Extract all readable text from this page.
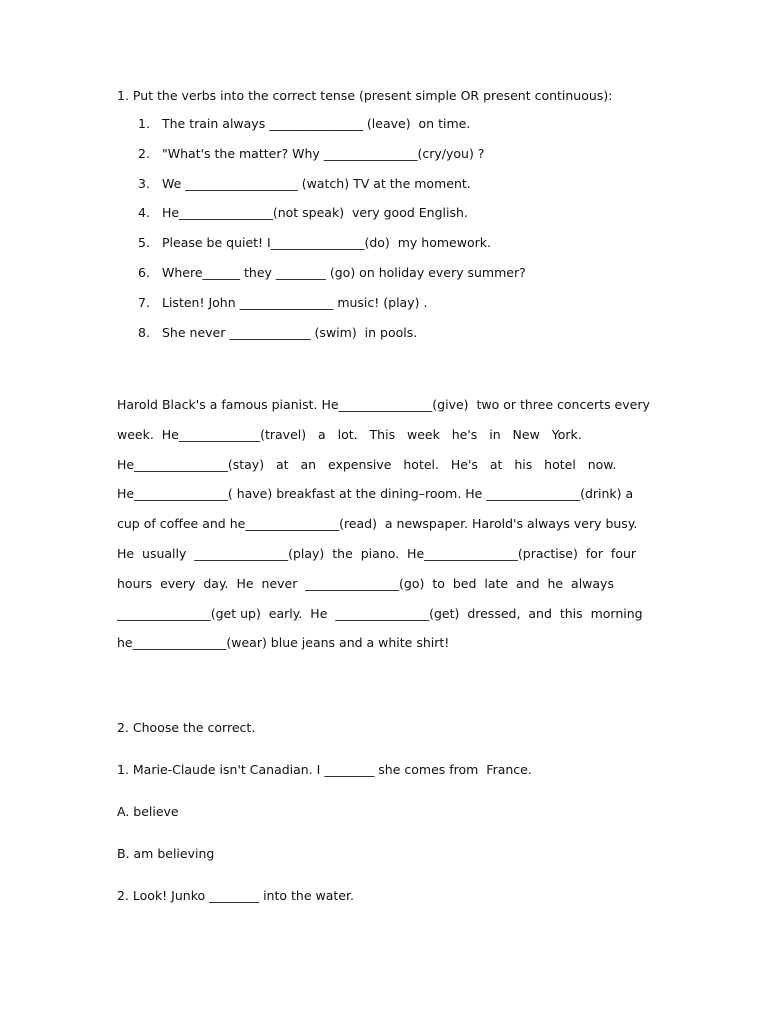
1. Put the verbs into the correct tense (present simple OR present continuous):
1. The train always _______________ (leave)  on time.
2. "What's the matter? Why _______________(cry/you) ?
3. We __________________ (watch) TV at the moment.
4. He_______________(not speak)  very good English.
5. Please be quiet! I_______________(do)  my homework.
6. Where______ they ________ (go) on holiday every summer?
7. Listen! John _______________ music! (play) .
8. She never _____________ (swim)  in pools.
Harold Black's a famous pianist. He_______________(give)  two or three concerts every
week.  He_____________(travel)   a   lot.   This   week   he's   in   New   York.
He_______________(stay)   at   an   expensive   hotel.   He's   at   his   hotel   now.
He_______________( have) breakfast at the dining–room. He _______________(drink) a
cup of coffee and he_______________(read)  a newspaper. Harold's always very busy.
He  usually  _______________(play)  the  piano.  He_______________(practise)  for  four
hours  every  day.  He  never  _______________(go)  to  bed  late  and  he  always
_______________(get up)  early.  He  _______________(get)  dressed,  and  this  morning
he_______________(wear) blue jeans and a white shirt!
2. Choose the correct.
1. Marie-Claude isn't Canadian. I ________ she comes from  France.
A. believe
B. am believing
2. Look! Junko ________ into the water.
